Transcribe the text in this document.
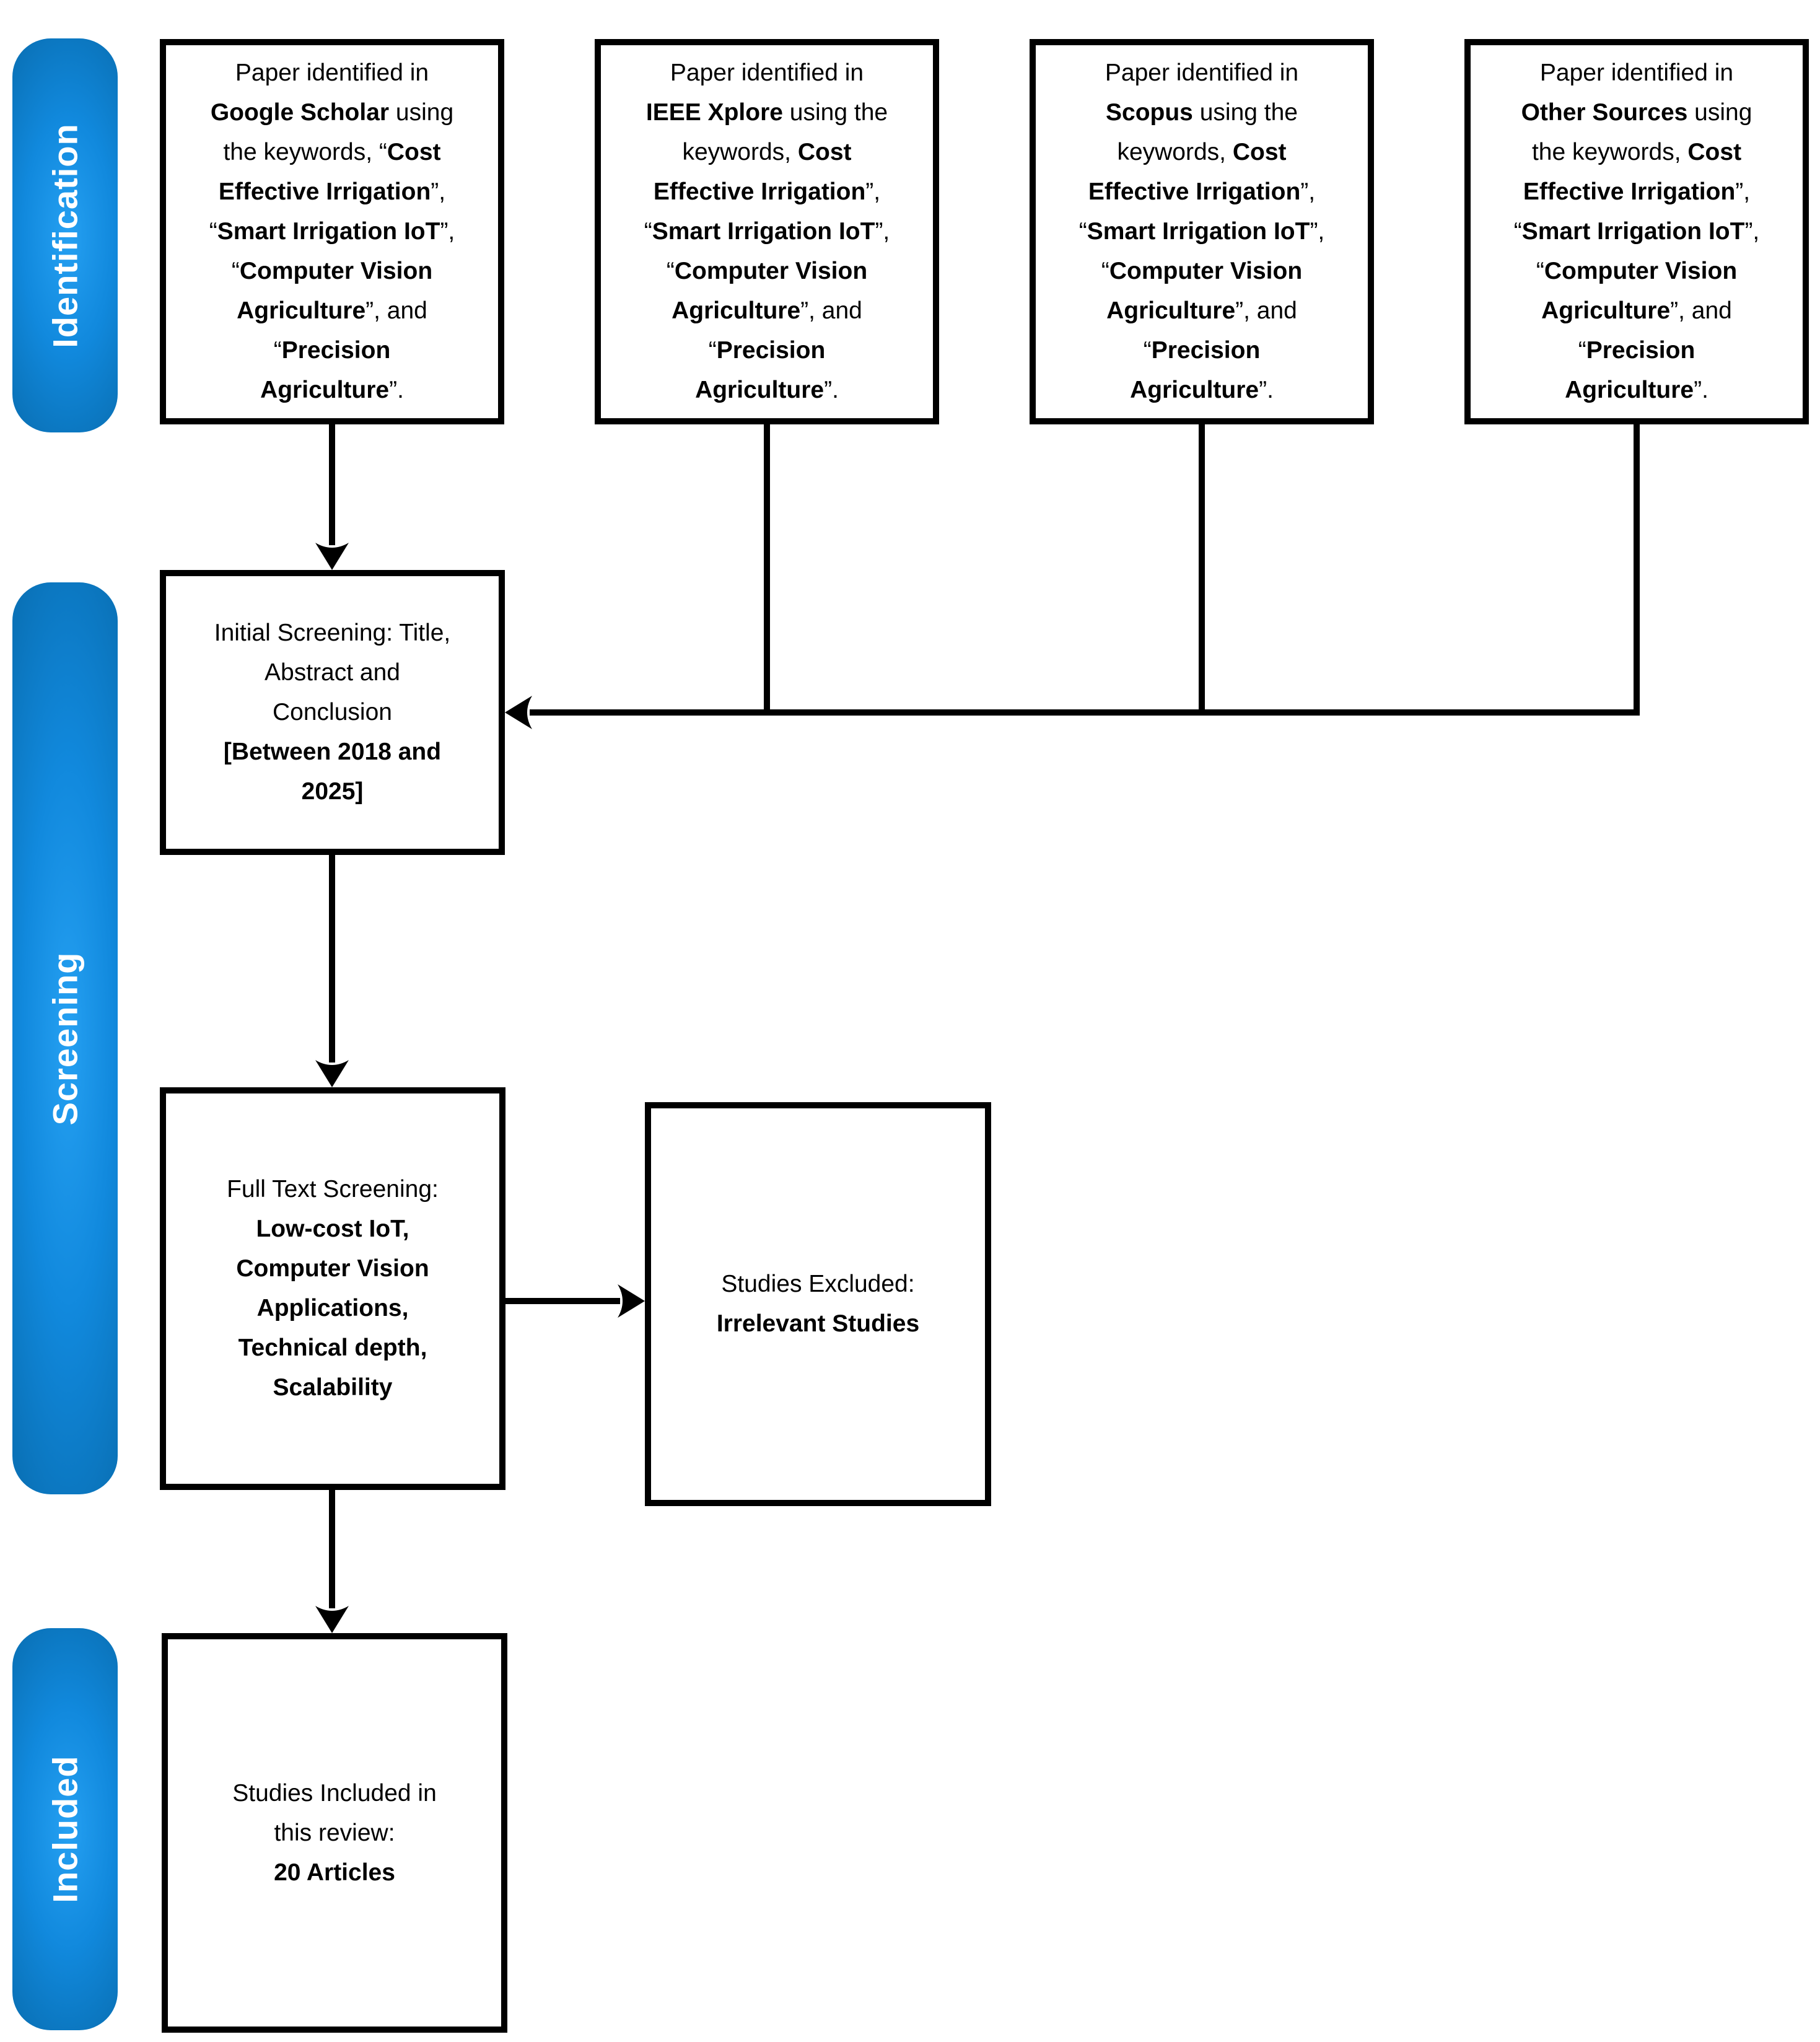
Identification
Screening
Included
Paper identified in
Google Scholar using
the keywords, “Cost
Effective Irrigation”,
“Smart Irrigation IoT”,
“Computer Vision
Agriculture”, and
“Precision
Agriculture”.
Paper identified in
IEEE Xplore using the
keywords, Cost
Effective Irrigation”,
“Smart Irrigation IoT”,
“Computer Vision
Agriculture”, and
“Precision
Agriculture”.
Paper identified in
Scopus using the
keywords, Cost
Effective Irrigation”,
“Smart Irrigation IoT”,
“Computer Vision
Agriculture”, and
“Precision
Agriculture”.
Paper identified in
Other Sources using
the keywords, Cost
Effective Irrigation”,
“Smart Irrigation IoT”,
“Computer Vision
Agriculture”, and
“Precision
Agriculture”.
Initial Screening: Title,
Abstract and
Conclusion
[Between 2018 and
2025]
Full Text Screening:
Low-cost IoT,
Computer Vision
Applications,
Technical depth,
Scalability
Studies Excluded:
Irrelevant Studies
Studies Included in
this review:
20 Articles
